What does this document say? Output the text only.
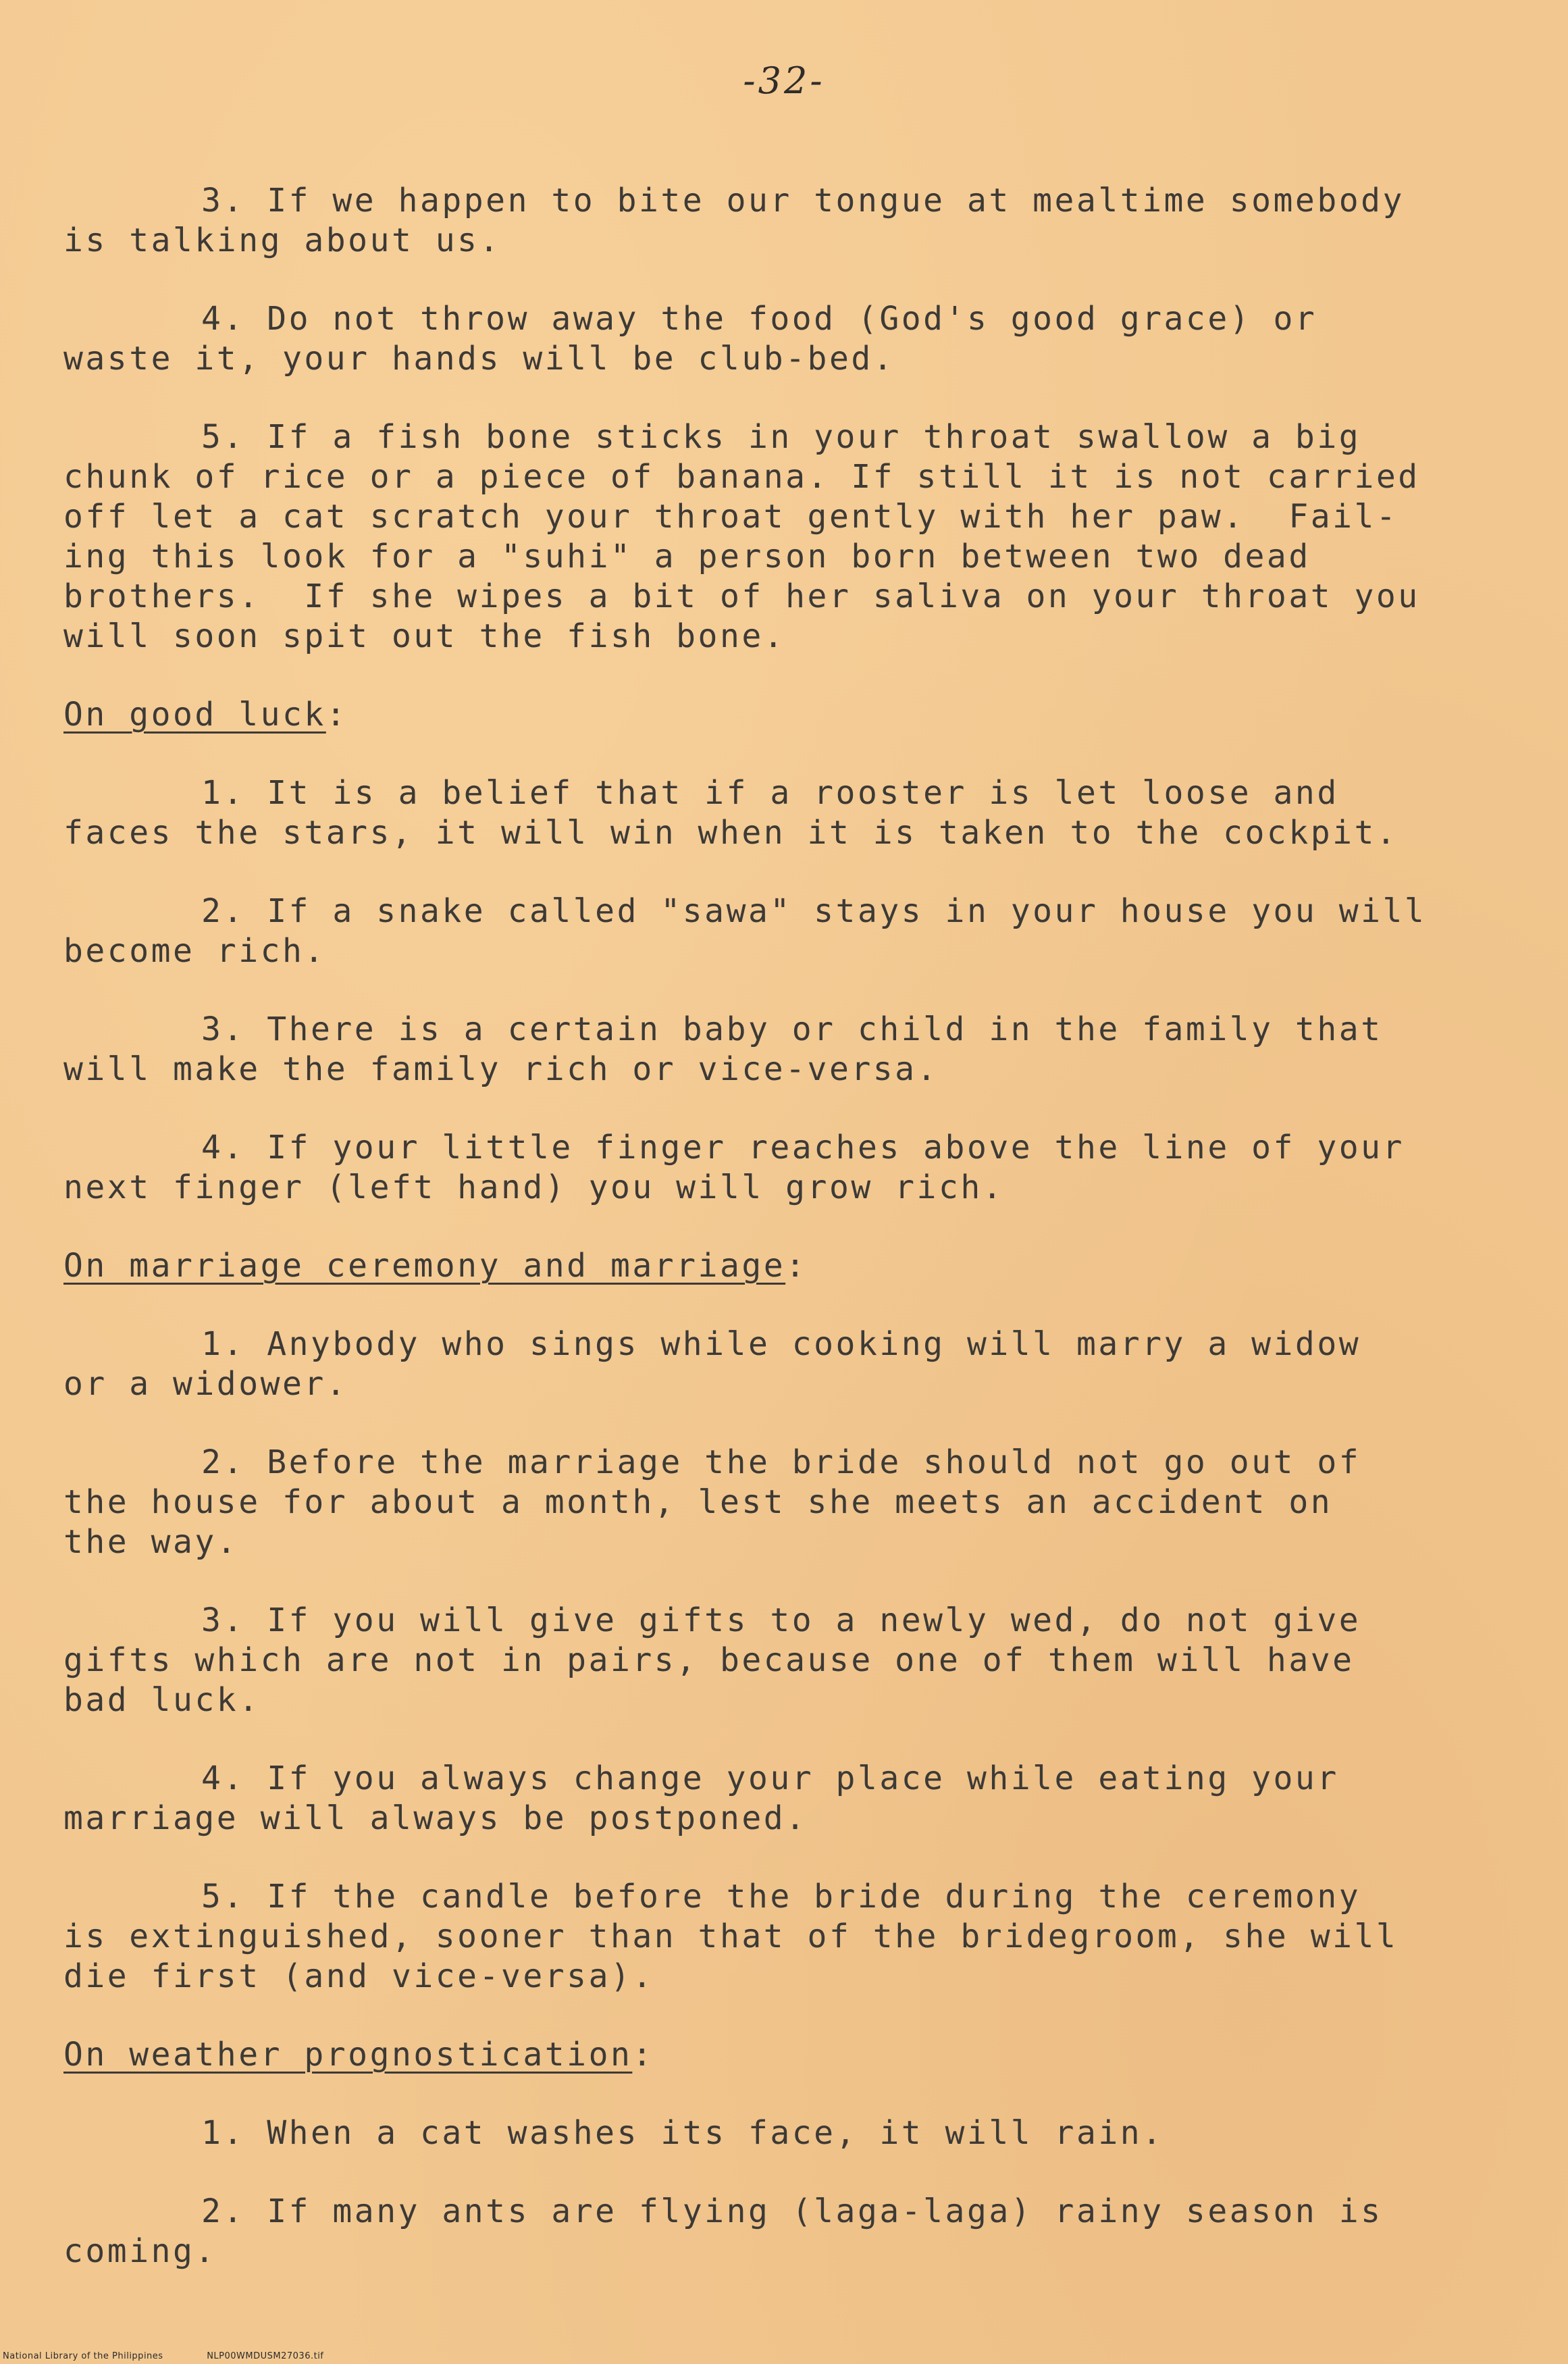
-32-
3. If we happen to bite our tongue at mealtime somebody
is talking about us.
4. Do not throw away the food (God's good grace) or
waste it, your hands will be club-bed.
5. If a fish bone sticks in your throat swallow a big
chunk of rice or a piece of banana. If still it is not carried
off let a cat scratch your throat gently with her paw.  Fail-
ing this look for a "suhi" a person born between two dead
brothers.  If she wipes a bit of her saliva on your throat you
will soon spit out the fish bone.
On good luck:
1. It is a belief that if a rooster is let loose and
faces the stars, it will win when it is taken to the cockpit.
2. If a snake called "sawa" stays in your house you will
become rich.
3. There is a certain baby or child in the family that
will make the family rich or vice-versa.
4. If your little finger reaches above the line of your
next finger (left hand) you will grow rich.
On marriage ceremony and marriage:
1. Anybody who sings while cooking will marry a widow
or a widower.
2. Before the marriage the bride should not go out of
the house for about a month, lest she meets an accident on
the way.
3. If you will give gifts to a newly wed, do not give
gifts which are not in pairs, because one of them will have
bad luck.
4. If you always change your place while eating your
marriage will always be postponed.
5. If the candle before the bride during the ceremony
is extinguished, sooner than that of the bridegroom, she will
die first (and vice-versa).
On weather prognostication:
1. When a cat washes its face, it will rain.
2. If many ants are flying (laga-laga) rainy season is
coming.
National Library of the Philippines	NLP00WMDUSM27036.tif
